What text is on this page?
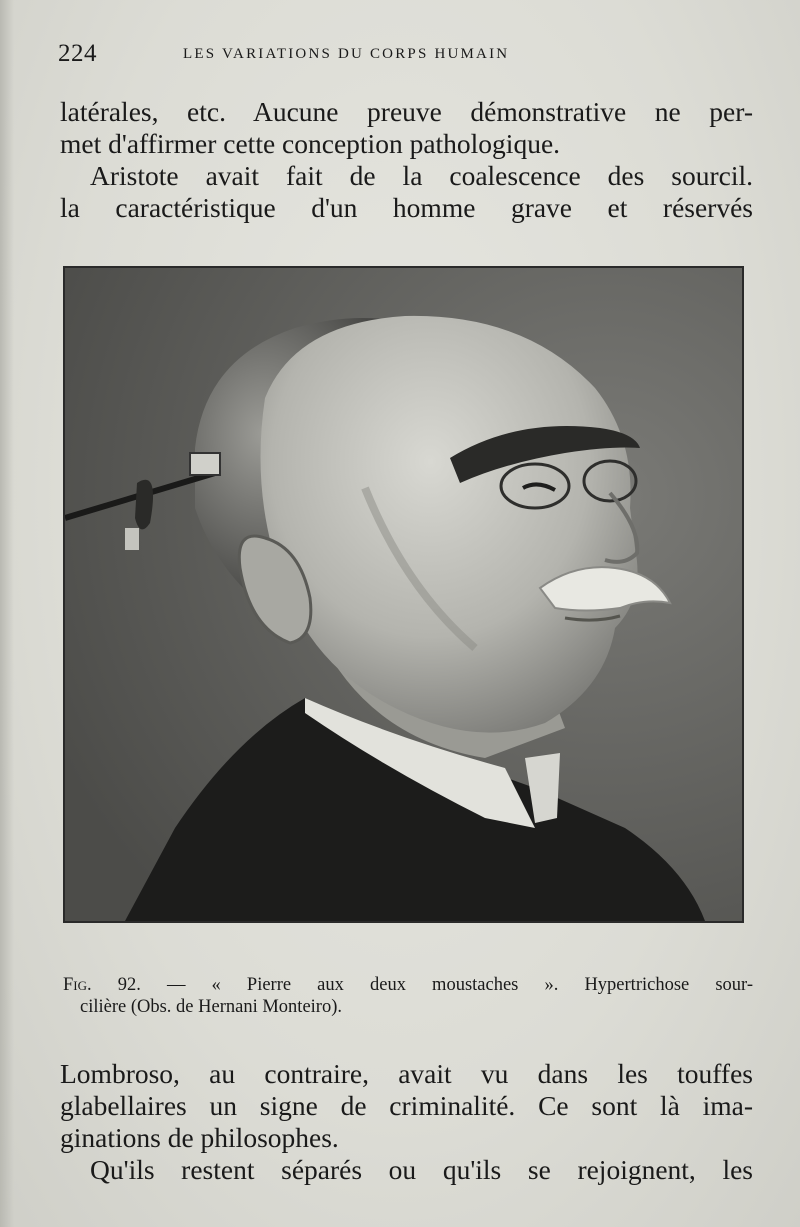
224	LES VARIATIONS DU CORPS HUMAIN
latérales, etc. Aucune preuve démonstrative ne per-
met d'affirmer cette conception pathologique.
Aristote avait fait de la coalescence des sourcil.
la caractéristique d'un homme grave et réservés
Fig. 92. — « Pierre aux deux moustaches ». Hypertrichose sour-
cilière (Obs. de Hernani Monteiro).
Lombroso, au contraire, avait vu dans les touffes
glabellaires un signe de criminalité. Ce sont là ima-
ginations de philosophes.
Qu'ils restent séparés ou qu'ils se rejoignent, les
